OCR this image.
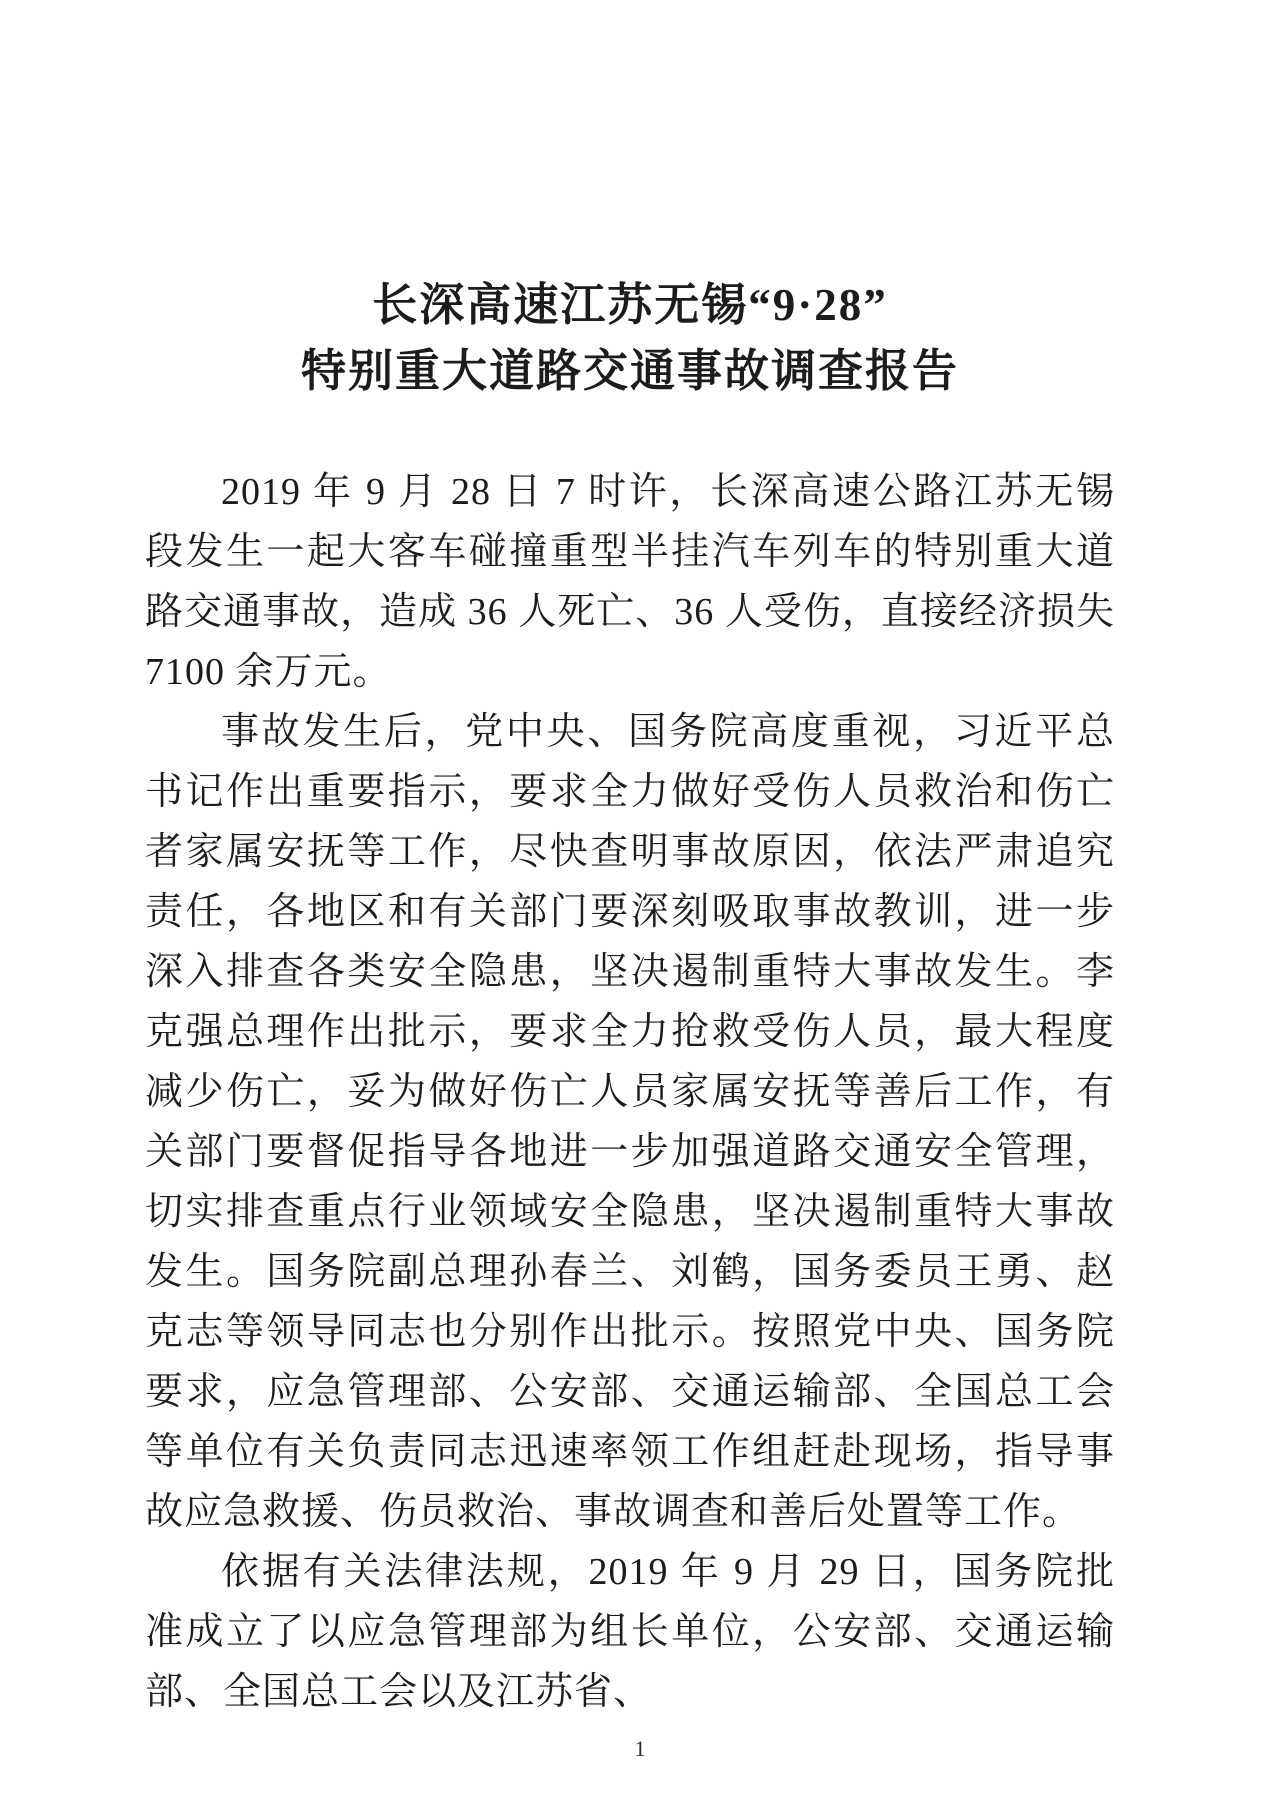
长深高速江苏无锡“9·28”
特别重大道路交通事故调查报告

2019 年 9 月 28 日 7 时许，长深高速公路江苏无锡段发生一起大客车碰撞重型半挂汽车列车的特别重大道路交通事故，造成 36 人死亡、36 人受伤，直接经济损失 7100 余万元。

事故发生后，党中央、国务院高度重视，习近平总书记作出重要指示，要求全力做好受伤人员救治和伤亡者家属安抚等工作，尽快查明事故原因，依法严肃追究责任，各地区和有关部门要深刻吸取事故教训，进一步深入排查各类安全隐患，坚决遏制重特大事故发生。李克强总理作出批示，要求全力抢救受伤人员，最大程度减少伤亡，妥为做好伤亡人员家属安抚等善后工作，有关部门要督促指导各地进一步加强道路交通安全管理，切实排查重点行业领域安全隐患，坚决遏制重特大事故发生。国务院副总理孙春兰、刘鹤，国务委员王勇、赵克志等领导同志也分别作出批示。按照党中央、国务院要求，应急管理部、公安部、交通运输部、全国总工会等单位有关负责同志迅速率领工作组赶赴现场，指导事故应急救援、伤员救治、事故调查和善后处置等工作。

依据有关法律法规，2019 年 9 月 29 日，国务院批准成立了以应急管理部为组长单位，公安部、交通运输部、全国总工会以及江苏省、

1
